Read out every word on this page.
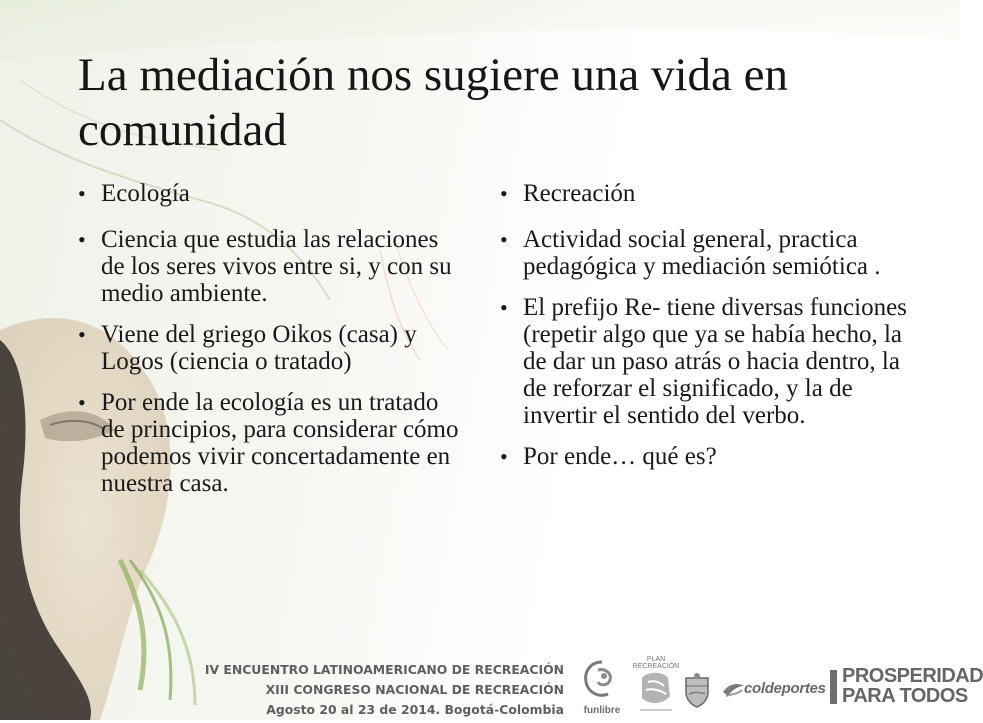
La mediación nos sugiere una vida en comunidad
• Ecología
• Ciencia que estudia las relaciones de los seres vivos entre si, y con su medio ambiente.
• Viene del griego Oikos (casa) y Logos (ciencia o tratado)
• Por ende la ecología es un tratado de principios, para considerar cómo podemos vivir concertadamente en nuestra casa.
• Recreación
• Actividad social general, practica pedagógica y mediación semiótica .
• El prefijo Re- tiene diversas funciones (repetir algo que ya se había hecho, la de dar un paso atrás o hacia dentro, la de reforzar el significado, y la de invertir el sentido del verbo.
• Por ende… qué es?
IV ENCUENTRO LATINOAMERICANO DE RECREACIÓN
XIII CONGRESO NACIONAL DE RECREACIÓN
Agosto 20 al 23 de 2014. Bogotá-Colombia	funlibre
PLAN RECREACIÓN
coldeportes
PROSPERIDAD
PARA TODOS
